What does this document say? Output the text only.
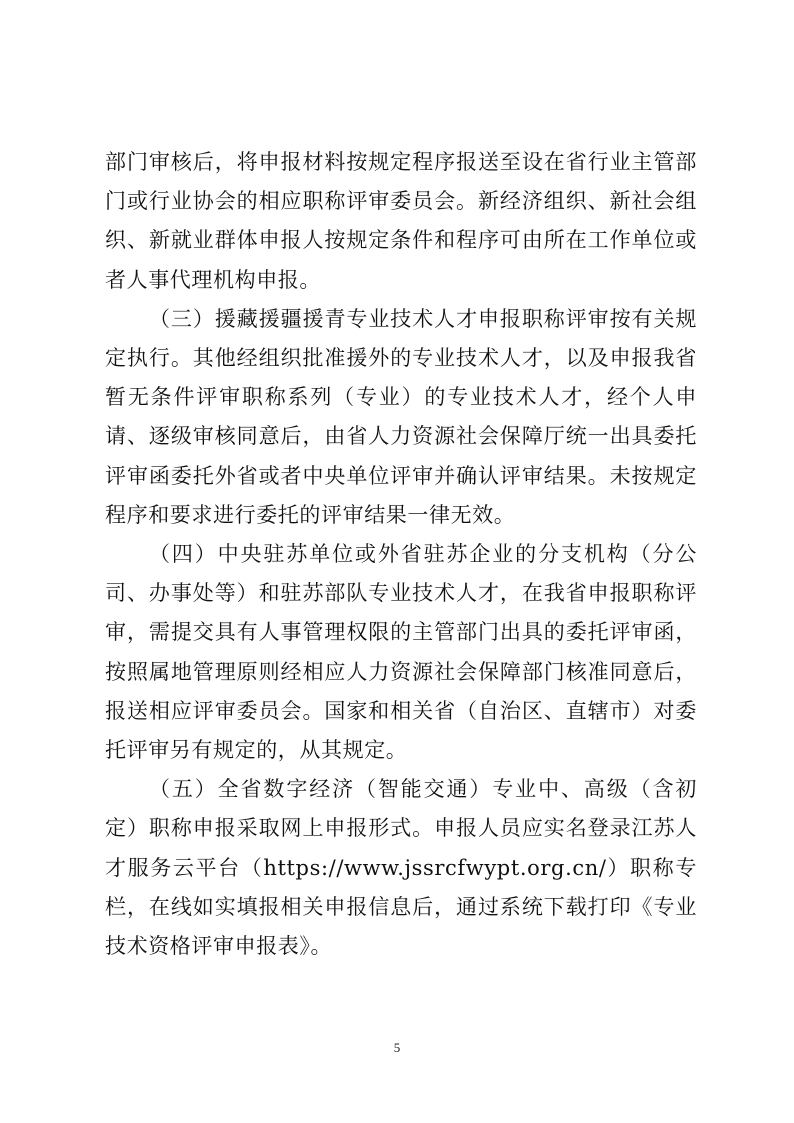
部门审核后，将申报材料按规定程序报送至设在省行业主管部门或行业协会的相应职称评审委员会。新经济组织、新社会组织、新就业群体申报人按规定条件和程序可由所在工作单位或者人事代理机构申报。

（三）援藏援疆援青专业技术人才申报职称评审按有关规定执行。其他经组织批准援外的专业技术人才，以及申报我省暂无条件评审职称系列（专业）的专业技术人才，经个人申请、逐级审核同意后，由省人力资源社会保障厅统一出具委托评审函委托外省或者中央单位评审并确认评审结果。未按规定程序和要求进行委托的评审结果一律无效。

（四）中央驻苏单位或外省驻苏企业的分支机构（分公司、办事处等）和驻苏部队专业技术人才，在我省申报职称评审，需提交具有人事管理权限的主管部门出具的委托评审函，按照属地管理原则经相应人力资源社会保障部门核准同意后，报送相应评审委员会。国家和相关省（自治区、直辖市）对委托评审另有规定的，从其规定。

（五）全省数字经济（智能交通）专业中、高级（含初定）职称申报采取网上申报形式。申报人员应实名登录江苏人才服务云平台（https://www.jssrcfwypt.org.cn/）职称专栏，在线如实填报相关申报信息后，通过系统下载打印《专业技术资格评审申报表》。

5
